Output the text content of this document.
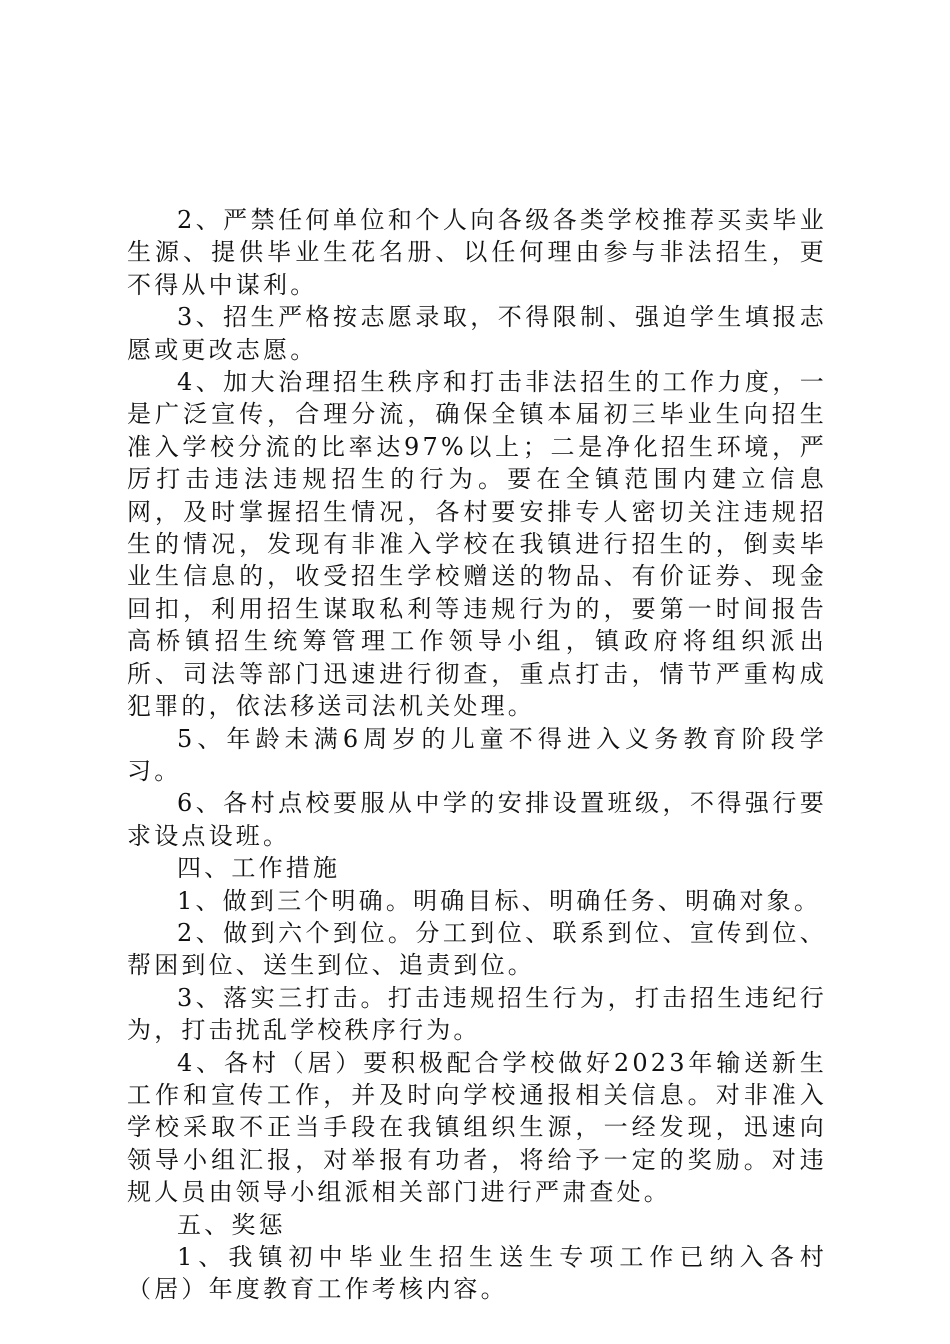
2、严禁任何单位和个人向各级各类学校推荐买卖毕业生源、提供毕业生花名册、以任何理由参与非法招生，更不得从中谋利。

3、招生严格按志愿录取，不得限制、强迫学生填报志愿或更改志愿。

4、加大治理招生秩序和打击非法招生的工作力度，一是广泛宣传，合理分流，确保全镇本届初三毕业生向招生准入学校分流的比率达97%以上；二是净化招生环境，严厉打击违法违规招生的行为。要在全镇范围内建立信息网，及时掌握招生情况，各村要安排专人密切关注违规招生的情况，发现有非准入学校在我镇进行招生的，倒卖毕业生信息的，收受招生学校赠送的物品、有价证券、现金回扣，利用招生谋取私利等违规行为的，要第一时间报告高桥镇招生统筹管理工作领导小组，镇政府将组织派出所、司法等部门迅速进行彻查，重点打击，情节严重构成犯罪的，依法移送司法机关处理。

5、年龄未满6周岁的儿童不得进入义务教育阶段学习。

6、各村点校要服从中学的安排设置班级，不得强行要求设点设班。

四、工作措施

1、做到三个明确。明确目标、明确任务、明确对象。

2、做到六个到位。分工到位、联系到位、宣传到位、帮困到位、送生到位、追责到位。

3、落实三打击。打击违规招生行为，打击招生违纪行为，打击扰乱学校秩序行为。

4、各村（居）要积极配合学校做好2023年输送新生工作和宣传工作，并及时向学校通报相关信息。对非准入学校采取不正当手段在我镇组织生源，一经发现，迅速向领导小组汇报，对举报有功者，将给予一定的奖励。对违规人员由领导小组派相关部门进行严肃查处。

五、奖惩

1、我镇初中毕业生招生送生专项工作已纳入各村（居）年度教育工作考核内容。
